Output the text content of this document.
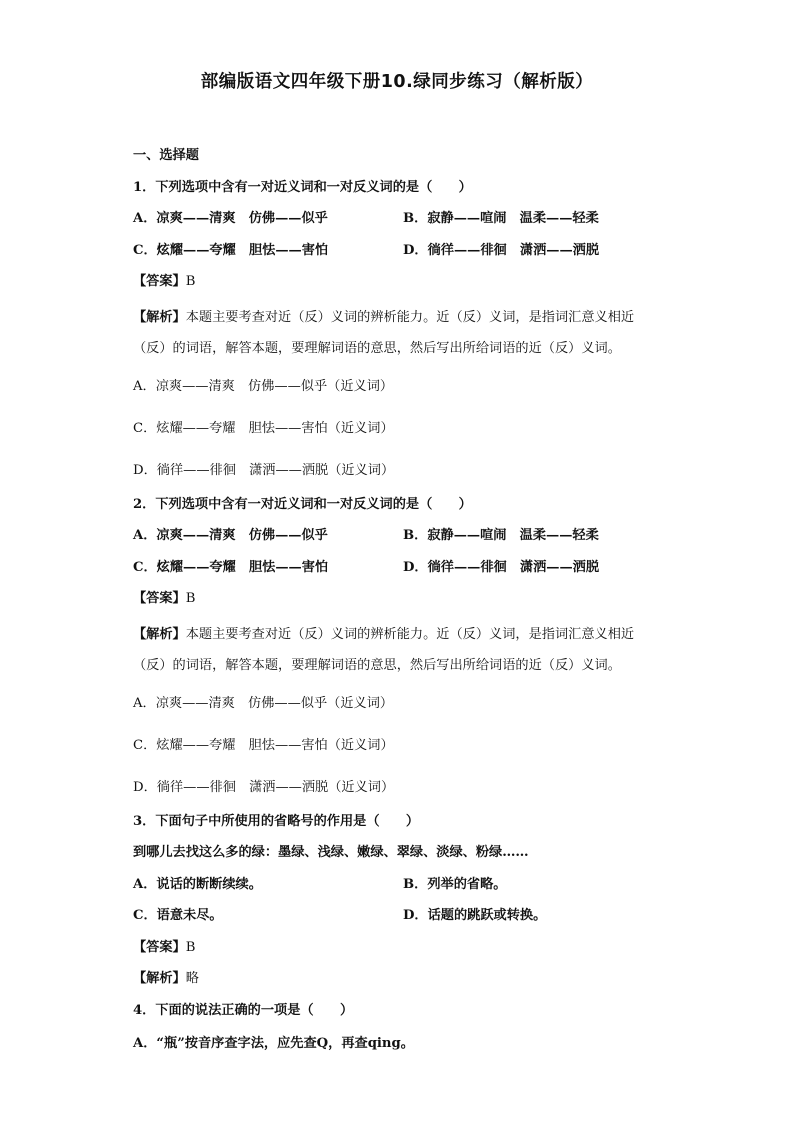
部编版语文四年级下册10.绿同步练习（解析版）
一、选择题
1．下列选项中含有一对近义词和一对反义词的是（　　）
A．凉爽——清爽　仿佛——似乎	B．寂静——喧闹　温柔——轻柔
C．炫耀——夸耀　胆怯——害怕	D．徜徉——徘徊　潇洒——洒脱
【答案】B
【解析】本题主要考查对近（反）义词的辨析能力。近（反）义词，是指词汇意义相近（反）的词语，解答本题，要理解词语的意思，然后写出所给词语的近（反）义词。
A．凉爽——清爽　仿佛——似乎（近义词）
C．炫耀——夸耀　胆怯——害怕（近义词）
D．徜徉——徘徊　潇洒——洒脱（近义词）
2．下列选项中含有一对近义词和一对反义词的是（　　）
A．凉爽——清爽　仿佛——似乎	B．寂静——喧闹　温柔——轻柔
C．炫耀——夸耀　胆怯——害怕	D．徜徉——徘徊　潇洒——洒脱
【答案】B
【解析】本题主要考查对近（反）义词的辨析能力。近（反）义词，是指词汇意义相近（反）的词语，解答本题，要理解词语的意思，然后写出所给词语的近（反）义词。
A．凉爽——清爽　仿佛——似乎（近义词）
C．炫耀——夸耀　胆怯——害怕（近义词）
D．徜徉——徘徊　潇洒——洒脱（近义词）
3．下面句子中所使用的省略号的作用是（　　）
到哪儿去找这么多的绿：墨绿、浅绿、嫩绿、翠绿、淡绿、粉绿……
A．说话的断断续续。	B．列举的省略。
C．语意未尽。	D．话题的跳跃或转换。
【答案】B
【解析】略
4．下面的说法正确的一项是（　　）
A．“瓶”按音序查字法，应先查Q，再查qing。
